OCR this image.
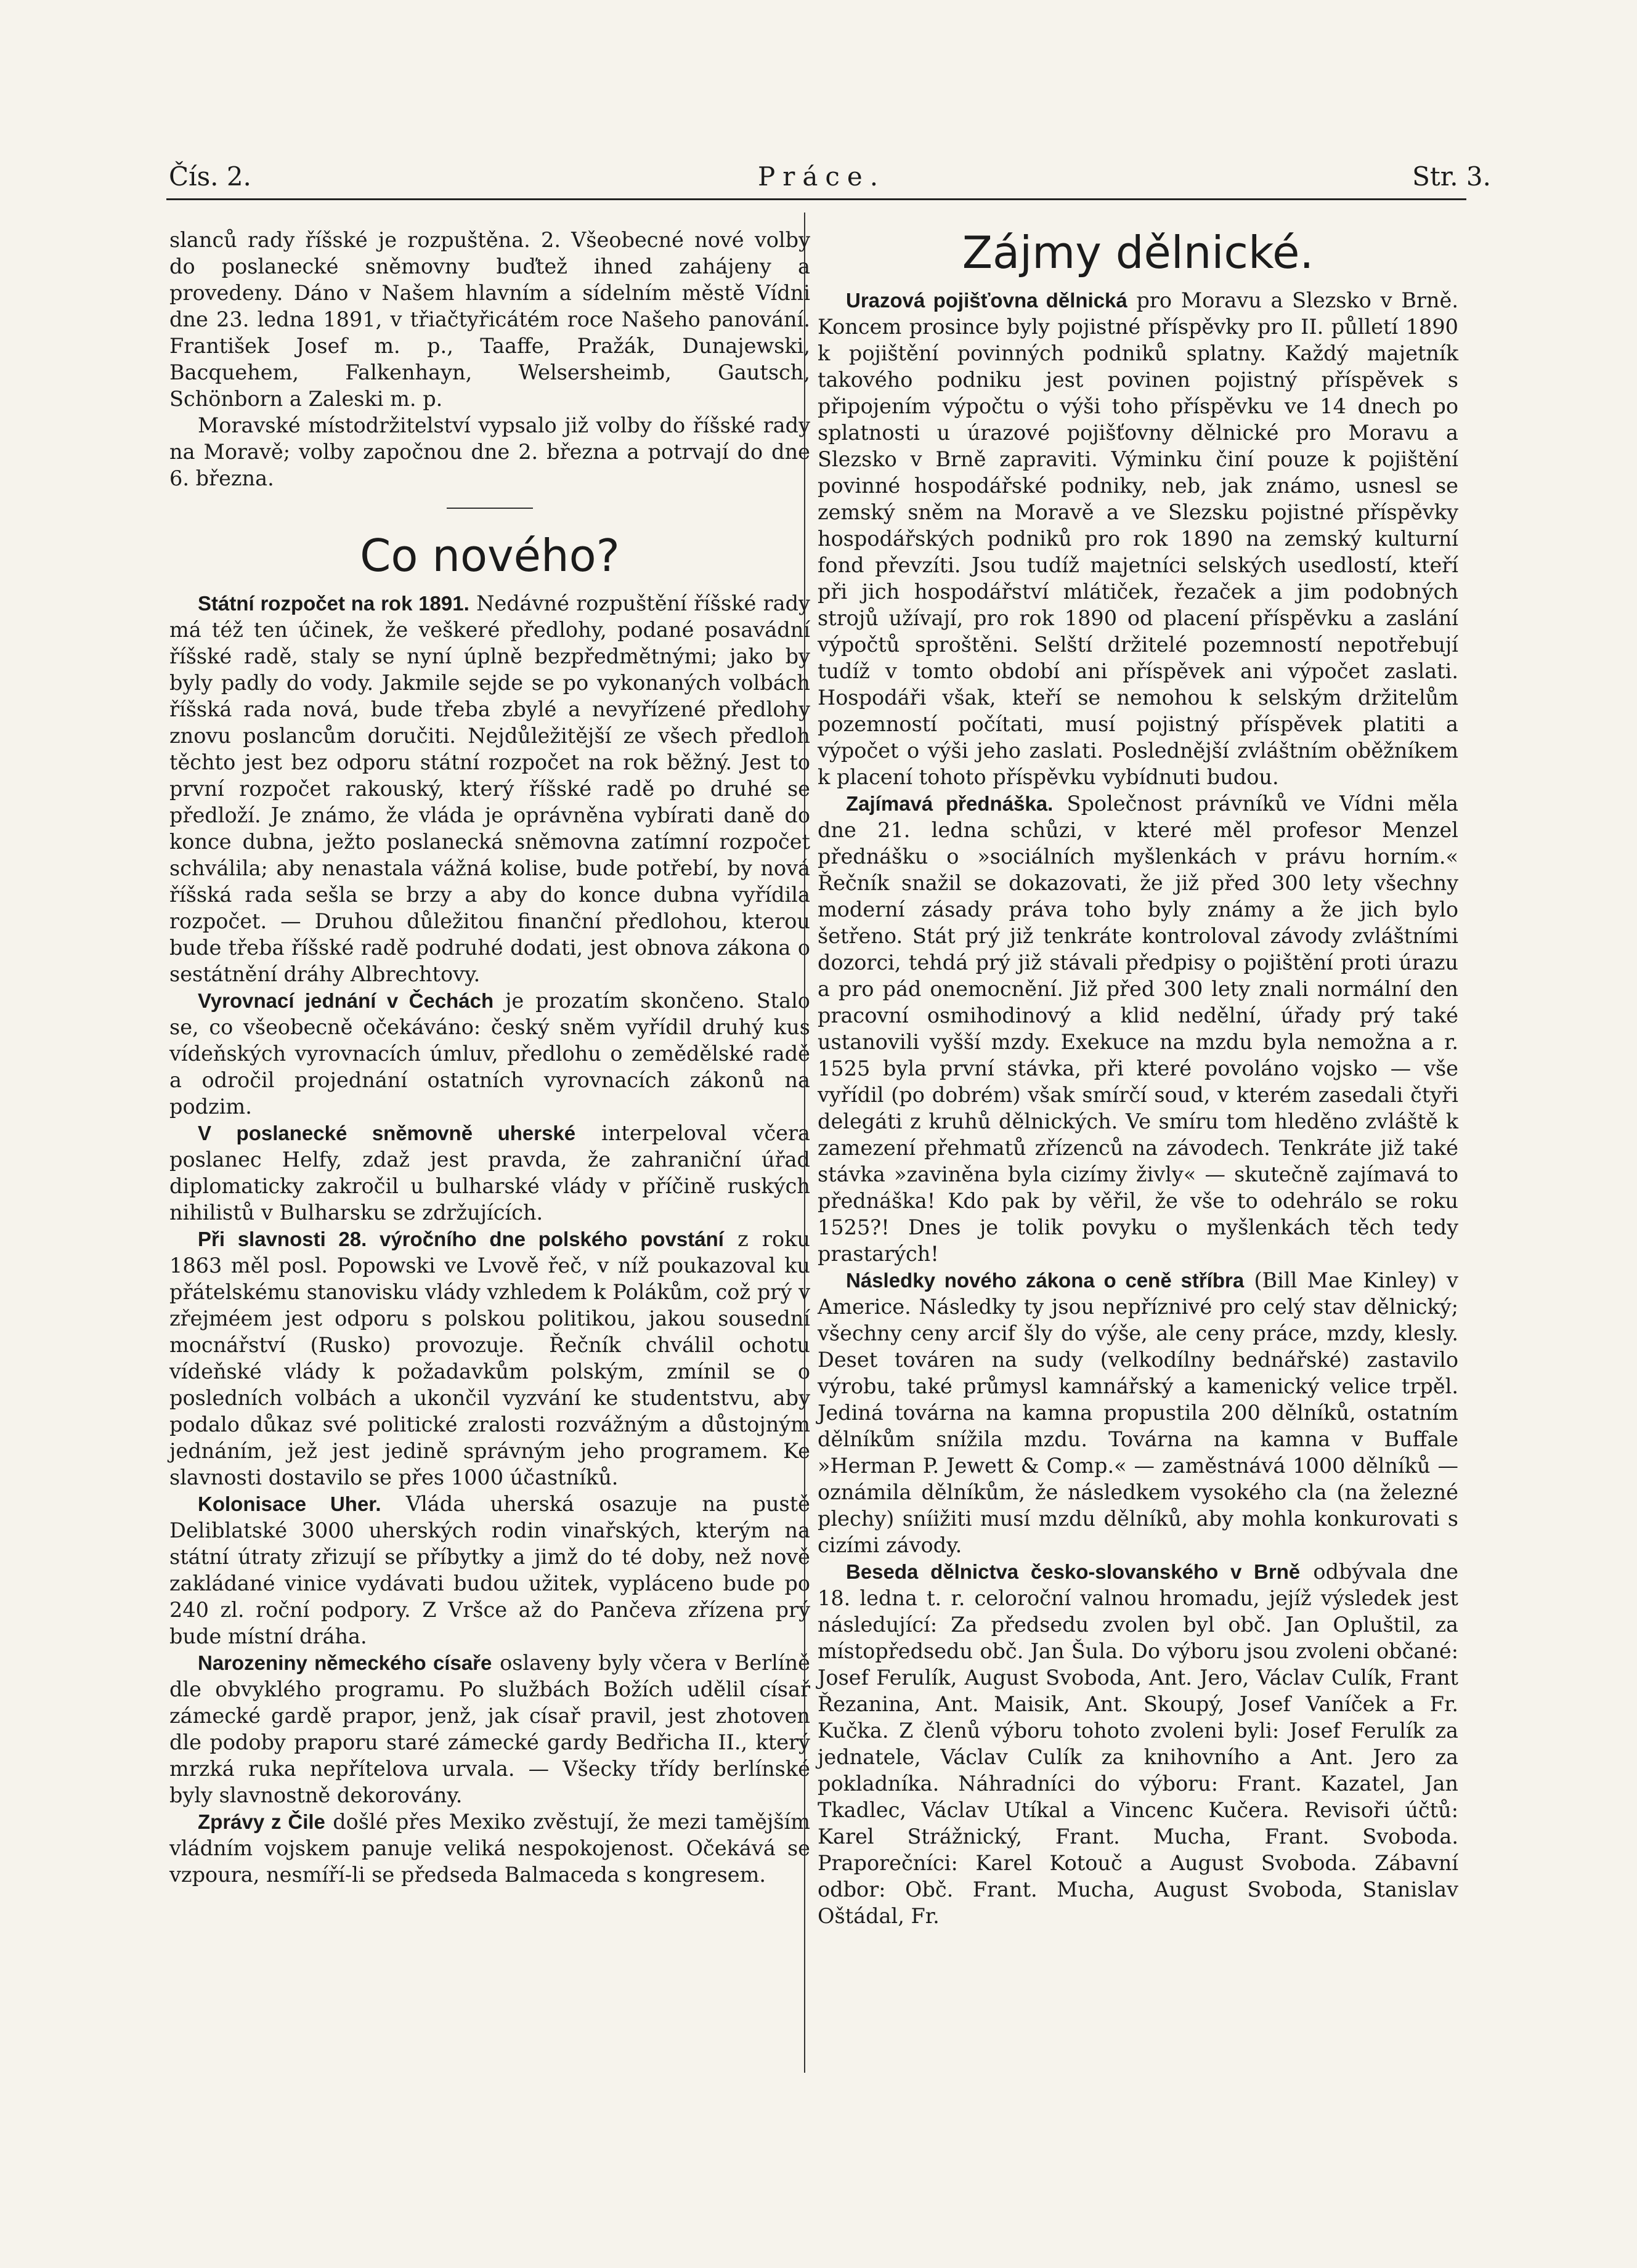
Čís. 2.	Práce.	Str. 3.

slanců rady říšské je rozpuštěna. 2. Všeobecné nové volby do poslanecké sněmovny buďtež ihned zahájeny a provedeny. Dáno v Našem hlavním a sídelním městě Vídni dne 23. ledna 1891, v třiačtyřicátém roce Našeho panování. František Josef m. p., Taaffe, Pražák, Dunajewski, Bacquehem, Falkenhayn, Welsersheimb, Gautsch, Schönborn a Zaleski m. p.

Moravské místodržitelství vypsalo již volby do říšské rady na Moravě; volby započnou dne 2. března a potrvají do dne 6. března.

Co nového?

Státní rozpočet na rok 1891. Nedávné rozpuštění říšské rady má též ten účinek, že veškeré předlohy, podané posavádní říšské radě, staly se nyní úplně bezpředmětnými; jako by byly padly do vody. Jakmile sejde se po vykonaných volbách říšská rada nová, bude třeba zbylé a nevyřízené předlohy znovu poslancům doručiti. Nejdůležitější ze všech předloh těchto jest bez odporu státní rozpočet na rok běžný. Jest to první rozpočet rakouský, který říšské radě po druhé se předloží. Je známo, že vláda je oprávněna vybírati daně do konce dubna, ježto poslanecká sněmovna zatímní rozpočet schválila; aby nenastala vážná kolise, bude potřebí, by nová říšská rada sešla se brzy a aby do konce dubna vyřídila rozpočet. — Druhou důležitou finanční předlohou, kterou bude třeba říšské radě podruhé dodati, jest obnova zákona o sestátnění dráhy Albrechtovy.

Vyrovnací jednání v Čechách je prozatím skončeno. Stalo se, co všeobecně očekáváno: český sněm vyřídil druhý kus vídeňských vyrovnacích úmluv, předlohu o zemědělské radě a odročil projednání ostatních vyrovnacích zákonů na podzim.

V poslanecké sněmovně uherské interpeloval včera poslanec Helfy, zdaž jest pravda, že zahraniční úřad diplomaticky zakročil u bulharské vlády v příčině ruských nihilistů v Bulharsku se zdržujících.

Při slavnosti 28. výročního dne polského povstání z roku 1863 měl posl. Popowski ve Lvově řeč, v níž poukazoval ku přátelskému stanovisku vlády vzhledem k Polákům, což prý v zřejméem jest odporu s polskou politikou, jakou sousední mocnářství (Rusko) provozuje. Řečník chválil ochotu vídeňské vlády k požadavkům polským, zmínil se o posledních volbách a ukončil vyzvání ke studentstvu, aby podalo důkaz své politické zralosti rozvážným a důstojným jednáním, jež jest jedině správným jeho programem. Ke slavnosti dostavilo se přes 1000 účastníků.

Kolonisace Uher. Vláda uherská osazuje na pustě Deliblatské 3000 uherských rodin vinařských, kterým na státní útraty zřizují se příbytky a jimž do té doby, než nově zakládané vinice vydávati budou užitek, vypláceno bude po 240 zl. roční podpory. Z Vršce až do Pančeva zřízena prý bude místní dráha.

Narozeniny německého císaře oslaveny byly včera v Berlíně dle obvyklého programu. Po službách Božích udělil císař zámecké gardě prapor, jenž, jak císař pravil, jest zhotoven dle podoby praporu staré zámecké gardy Bedřicha II., který mrzká ruka nepřítelova urvala. — Všecky třídy berlínské byly slavnostně dekorovány.

Zprávy z Čile došlé přes Mexiko zvěstují, že mezi tamějším vládním vojskem panuje veliká nespokojenost. Očekává se vzpoura, nesmíří-li se předseda Balmaceda s kongresem.

Zájmy dělnické.

Urazová pojišťovna dělnická pro Moravu a Slezsko v Brně. Koncem prosince byly pojistné příspěvky pro II. půlletí 1890 k pojištění povinných podniků splatny. Každý majetník takového podniku jest povinen pojistný příspěvek s připojením výpočtu o výši toho příspěvku ve 14 dnech po splatnosti u úrazové pojišťovny dělnické pro Moravu a Slezsko v Brně zapraviti. Výminku činí pouze k pojištění povinné hospodářské podniky, neb, jak známo, usnesl se zemský sněm na Moravě a ve Slezsku pojistné příspěvky hospodářských podniků pro rok 1890 na zemský kulturní fond převzíti. Jsou tudíž majetníci selských usedlostí, kteří při jich hospodářství mlátiček, řezaček a jim podobných strojů užívají, pro rok 1890 od placení příspěvku a zaslání výpočtů sproštěni. Selští držitelé pozemností nepotřebují tudíž v tomto období ani příspěvek ani výpočet zaslati. Hospodáři však, kteří se nemohou k selským držitelům pozemností počítati, musí pojistný příspěvek platiti a výpočet o výši jeho zaslati. Poslednější zvláštním oběžníkem k placení tohoto příspěvku vybídnuti budou.

Zajímavá přednáška. Společnost právníků ve Vídni měla dne 21. ledna schůzi, v které měl profesor Menzel přednášku o »sociálních myšlenkách v právu horním.« Řečník snažil se dokazovati, že již před 300 lety všechny moderní zásady práva toho byly známy a že jich bylo šetřeno. Stát prý již tenkráte kontroloval závody zvláštními dozorci, tehdá prý již stávali předpisy o pojištění proti úrazu a pro pád onemocnění. Již před 300 lety znali normální den pracovní osmihodinový a klid nedělní, úřady prý také ustanovili vyšší mzdy. Exekuce na mzdu byla nemožna a r. 1525 byla první stávka, při které povoláno vojsko — vše vyřídil (po dobrém) však smírčí soud, v kterém zasedali čtyři delegáti z kruhů dělnických. Ve smíru tom hleděno zvláště k zamezení přehmatů zřízenců na závodech. Tenkráte již také stávka »zaviněna byla cizímy živly« — skutečně zajímavá to přednáška! Kdo pak by věřil, že vše to odehrálo se roku 1525?! Dnes je tolik povyku o myšlenkách těch tedy prastarých!

Následky nového zákona o ceně stříbra (Bill Mae Kinley) v Americe. Následky ty jsou nepříznivé pro celý stav dělnický; všechny ceny arcif šly do výše, ale ceny práce, mzdy, klesly. Deset továren na sudy (velkodílny bednářské) zastavilo výrobu, také průmysl kamnářský a kamenický velice trpěl. Jediná továrna na kamna propustila 200 dělníků, ostatním dělníkům snížila mzdu. Továrna na kamna v Buffale »Herman P. Jewett & Comp.« — zaměstnává 1000 dělníků — oznámila dělníkům, že následkem vysokého cla (na železné plechy) sníižiti musí mzdu dělníků, aby mohla konkurovati s cizími závody.

Beseda dělnictva česko-slovanského v Brně odbývala dne 18. ledna t. r. celoroční valnou hromadu, jejíž výsledek jest následující: Za předsedu zvolen byl obč. Jan Opluštil, za místopředsedu obč. Jan Šula. Do výboru jsou zvoleni občané: Josef Ferulík, August Svoboda, Ant. Jero, Václav Culík, Frant Řezanina, Ant. Maisik, Ant. Skoupý, Josef Vaníček a Fr. Kučka. Z členů výboru tohoto zvoleni byli: Josef Ferulík za jednatele, Václav Culík za knihovního a Ant. Jero za pokladníka. Náhradníci do výboru: Frant. Kazatel, Jan Tkadlec, Václav Utíkal a Vincenc Kučera. Revisoři účtů: Karel Strážnický, Frant. Mucha, Frant. Svoboda. Praporečníci: Karel Kotouč a August Svoboda. Zábavní odbor: Obč. Frant. Mucha, August Svoboda, Stanislav Oštádal, Fr.
